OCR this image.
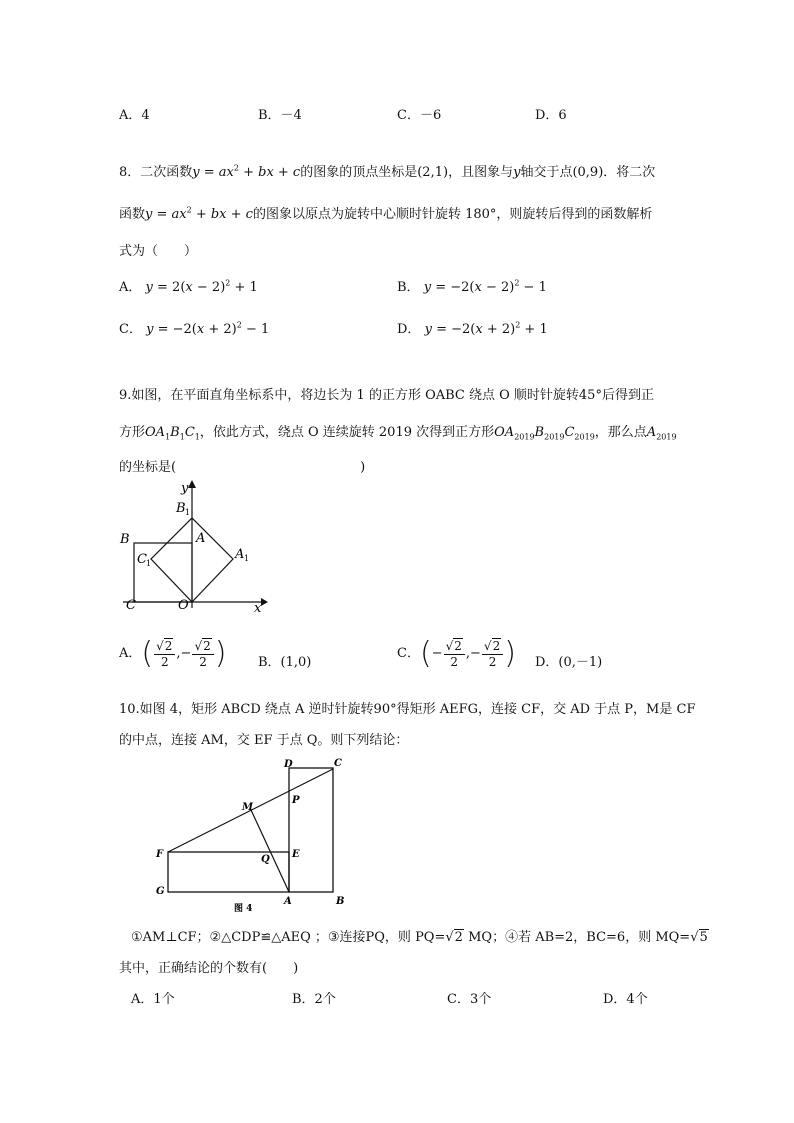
A．4	B．－4	C．－6	D．6
8．二次函数$y = ax^2$ + bx + c的图象的顶点坐标是(2,1)，且图象与y轴交于点(0,9)．将二次
函数$y = ax^2$ + bx + c的图象以原点为旋转中心顺时针旋转 180°，则旋转后得到的函数解析
式为（　　）
A． $y = 2(x - 2)^2 + 1$	B． $y = -2(x - 2)^2 - 1$
C． $y = -2(x + 2)^2 - 1$	D． $y = -2(x + 2)^2 + 1$
9.如图，在平面直角坐标系中，将边长为 1 的正方形 OABC 绕点 O 顺时针旋转45°后得到正
方形$OA_1B_1C_1$，依此方式，绕点 O 连续旋转 2019 次得到正方形$OA_{2019}B_{2019}C_{2019}$，那么点$A_{2019}$
的坐标是(	)
y
x
B 1
A
B
C 1
A 1
C	O
A．( $\frac{√2}{2}$ ,− $\frac{√2}{2}$ ) B．(1,0)
C．(− $\frac{√2}{2}$ ,− $\frac{√2}{2}$ ) D．(0,－1)
10.如图 4，矩形 ABCD 绕点 A 逆时针旋转90°得矩形 AEFG，连接 CF，交 AD 于点 P，M是 CF
的中点，连接 AM，交 EF 于点 Q。则下列结论：
D	C
M
P
F	Q E
G
A	B
图 4
①AM⊥CF；②△CDP≌△AEQ ；③连接PQ，则 PQ=√2 MQ；④若 AB=2，BC=6，则 MQ=√5
其中，正确结论的个数有(　　)
A．1个	B．2个	C．3个	D．4个
